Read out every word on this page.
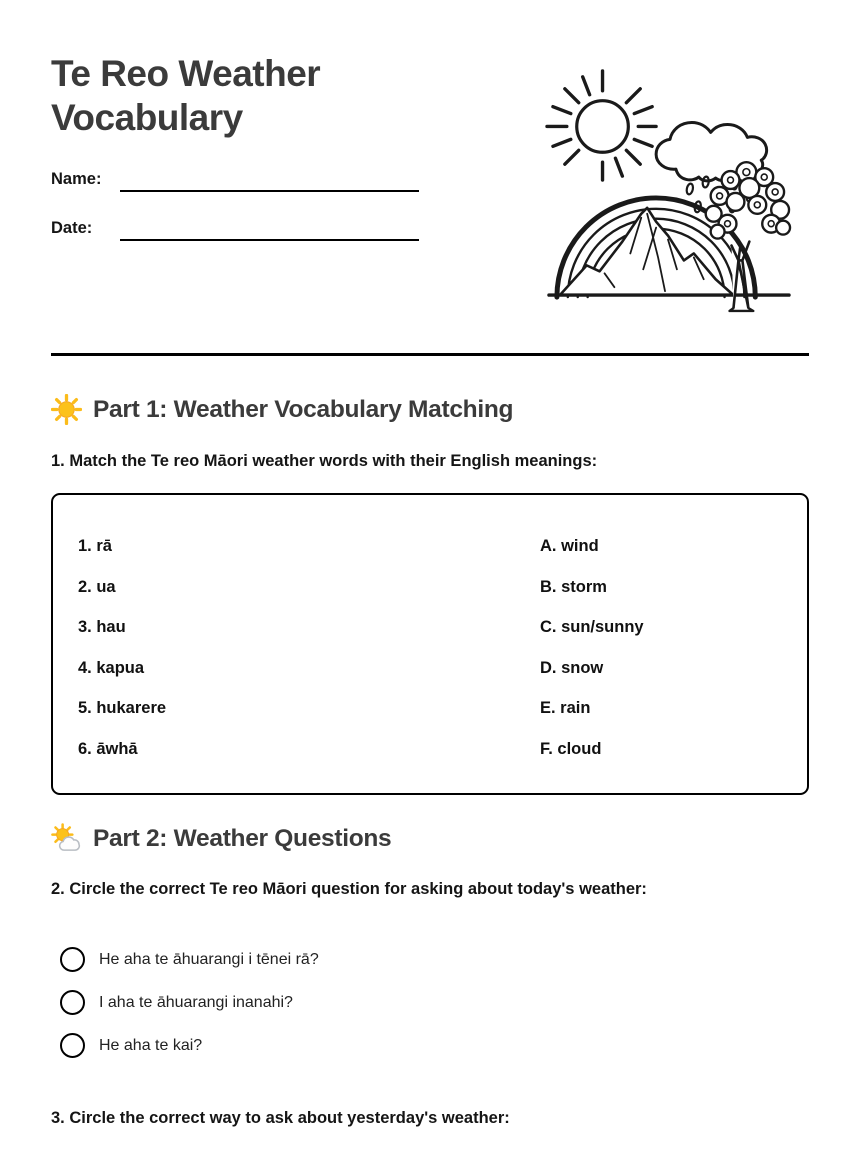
Te Reo Weather Vocabulary
Name:
Date:
Part 1: Weather Vocabulary Matching

1. Match the Te reo Māori weather words with their English meanings:

1. rā
2. ua
3. hau
4. kapua
5. hukarere
6. āwhā
A. wind
B. storm
C. sun/sunny
D. snow
E. rain
F. cloud
Part 2: Weather Questions

2. Circle the correct Te reo Māori question for asking about today's weather:

He aha te āhuarangi i tēnei rā?
I aha te āhuarangi inanahi?
He aha te kai?

3. Circle the correct way to ask about yesterday's weather:
